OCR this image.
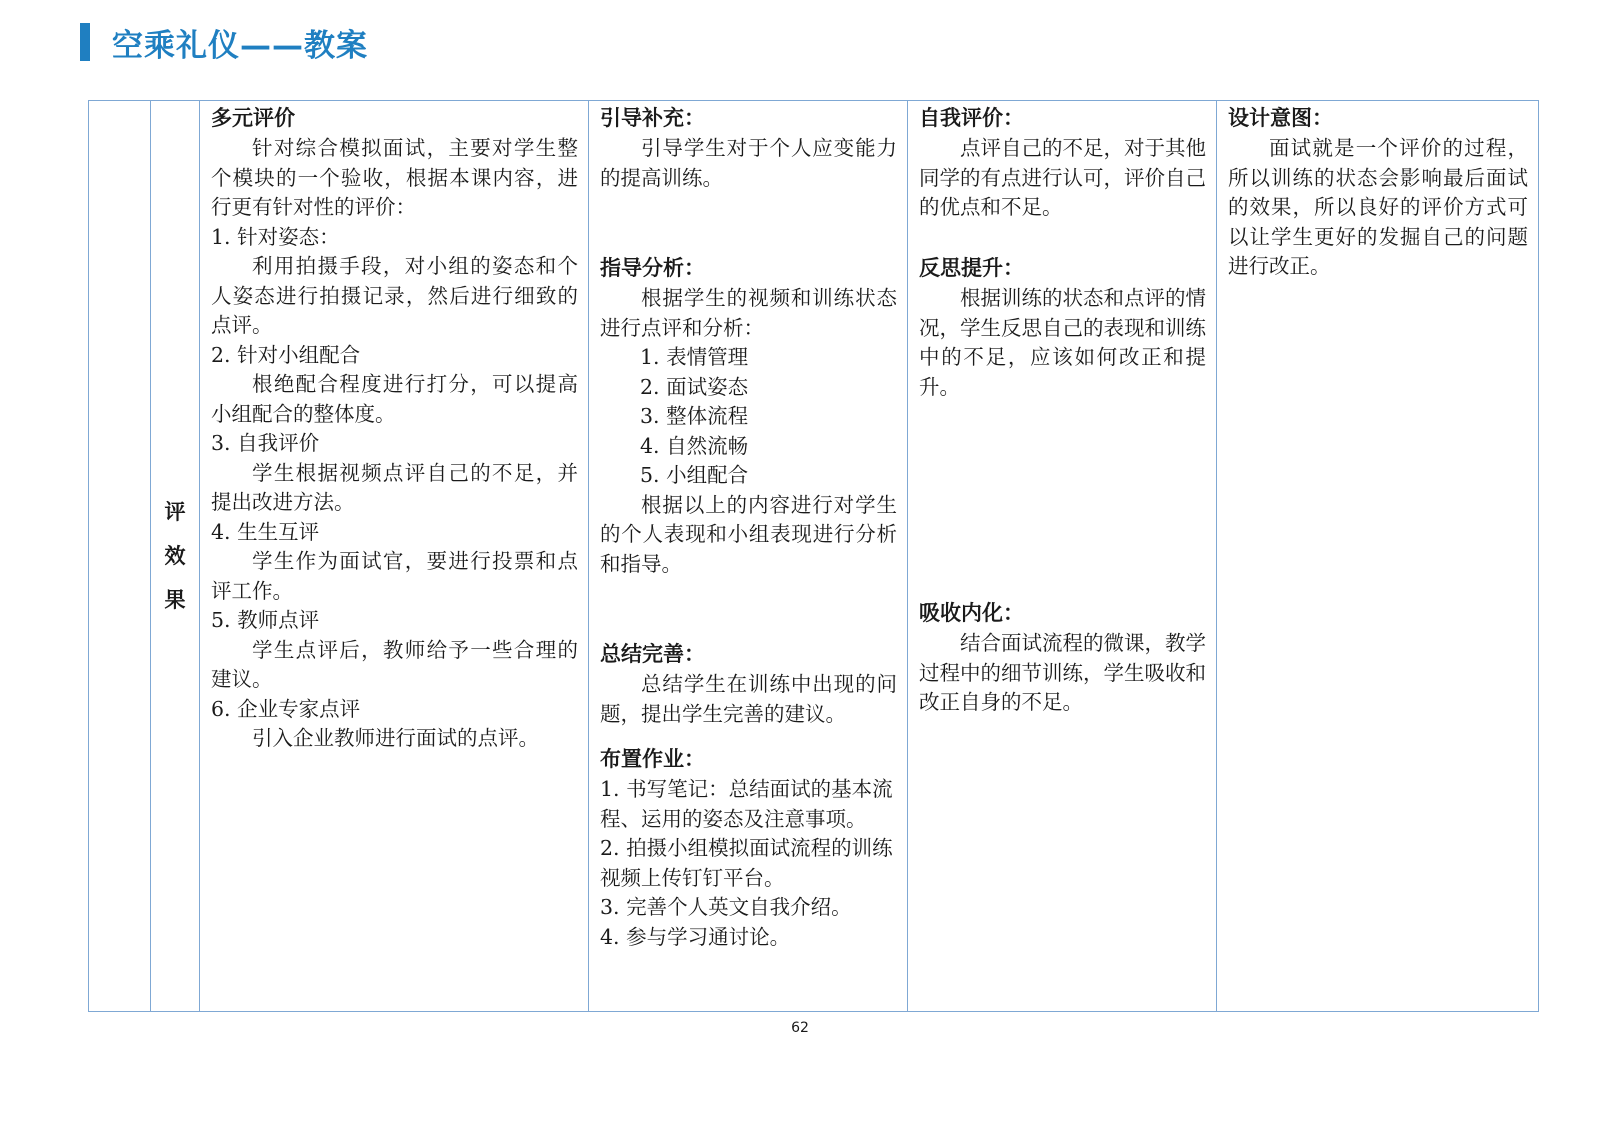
空乘礼仪——教案

评
效
果

多元评价
针对综合模拟面试，主要对学生整个模块的一个验收，根据本课内容，进行更有针对性的评价：
1. 针对姿态：
利用拍摄手段，对小组的姿态和个人姿态进行拍摄记录，然后进行细致的点评。
2. 针对小组配合
根绝配合程度进行打分，可以提高小组配合的整体度。
3. 自我评价
学生根据视频点评自己的不足，并提出改进方法。
4. 生生互评
学生作为面试官，要进行投票和点评工作。
5. 教师点评
学生点评后，教师给予一些合理的建议。
6. 企业专家点评
引入企业教师进行面试的点评。

引导补充：
引导学生对于个人应变能力的提高训练。
指导分析：
根据学生的视频和训练状态进行点评和分析：
1. 表情管理
2. 面试姿态
3. 整体流程
4. 自然流畅
5. 小组配合
根据以上的内容进行对学生的个人表现和小组表现进行分析和指导。
总结完善：
总结学生在训练中出现的问题，提出学生完善的建议。
布置作业：
1. 书写笔记：总结面试的基本流程、运用的姿态及注意事项。
2. 拍摄小组模拟面试流程的训练视频上传钉钉平台。
3. 完善个人英文自我介绍。
4. 参与学习通讨论。

自我评价：
点评自己的不足，对于其他同学的有点进行认可，评价自己的优点和不足。
反思提升：
根据训练的状态和点评的情况，学生反思自己的表现和训练中的不足，应该如何改正和提升。
吸收内化：
结合面试流程的微课，教学过程中的细节训练，学生吸收和改正自身的不足。

设计意图：
面试就是一个评价的过程，所以训练的状态会影响最后面试的效果，所以良好的评价方式可以让学生更好的发掘自己的问题进行改正。
62
